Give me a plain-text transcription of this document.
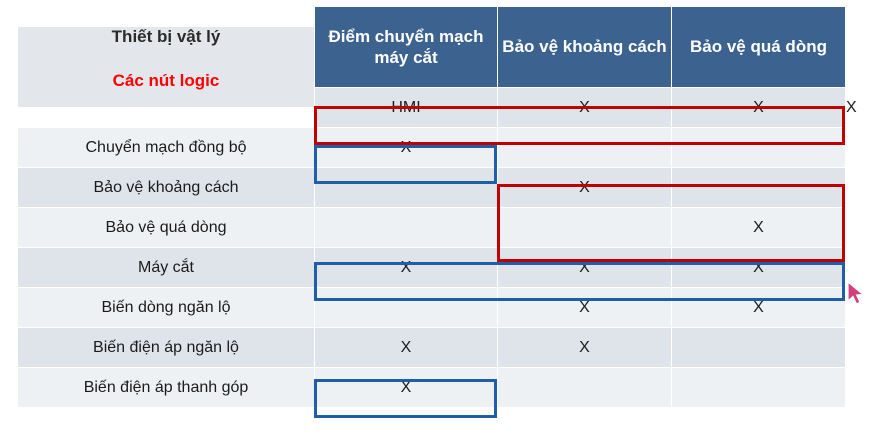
Thiết bị vật lý
Các nút logic	Điểm chuyển mạch máy cắt	Bảo vệ khoảng cách	Bảo vệ quá dòng	
	HMI	X	X	X
Chuyển mạch đồng bộ	X			
Bảo vệ khoảng cách		X		
Bảo vệ quá dòng			X	
Máy cắt	X	X	X	
Biến dòng ngăn lộ		X	X	
Biến điện áp ngăn lộ	X	X		
Biến điện áp thanh góp	X			
